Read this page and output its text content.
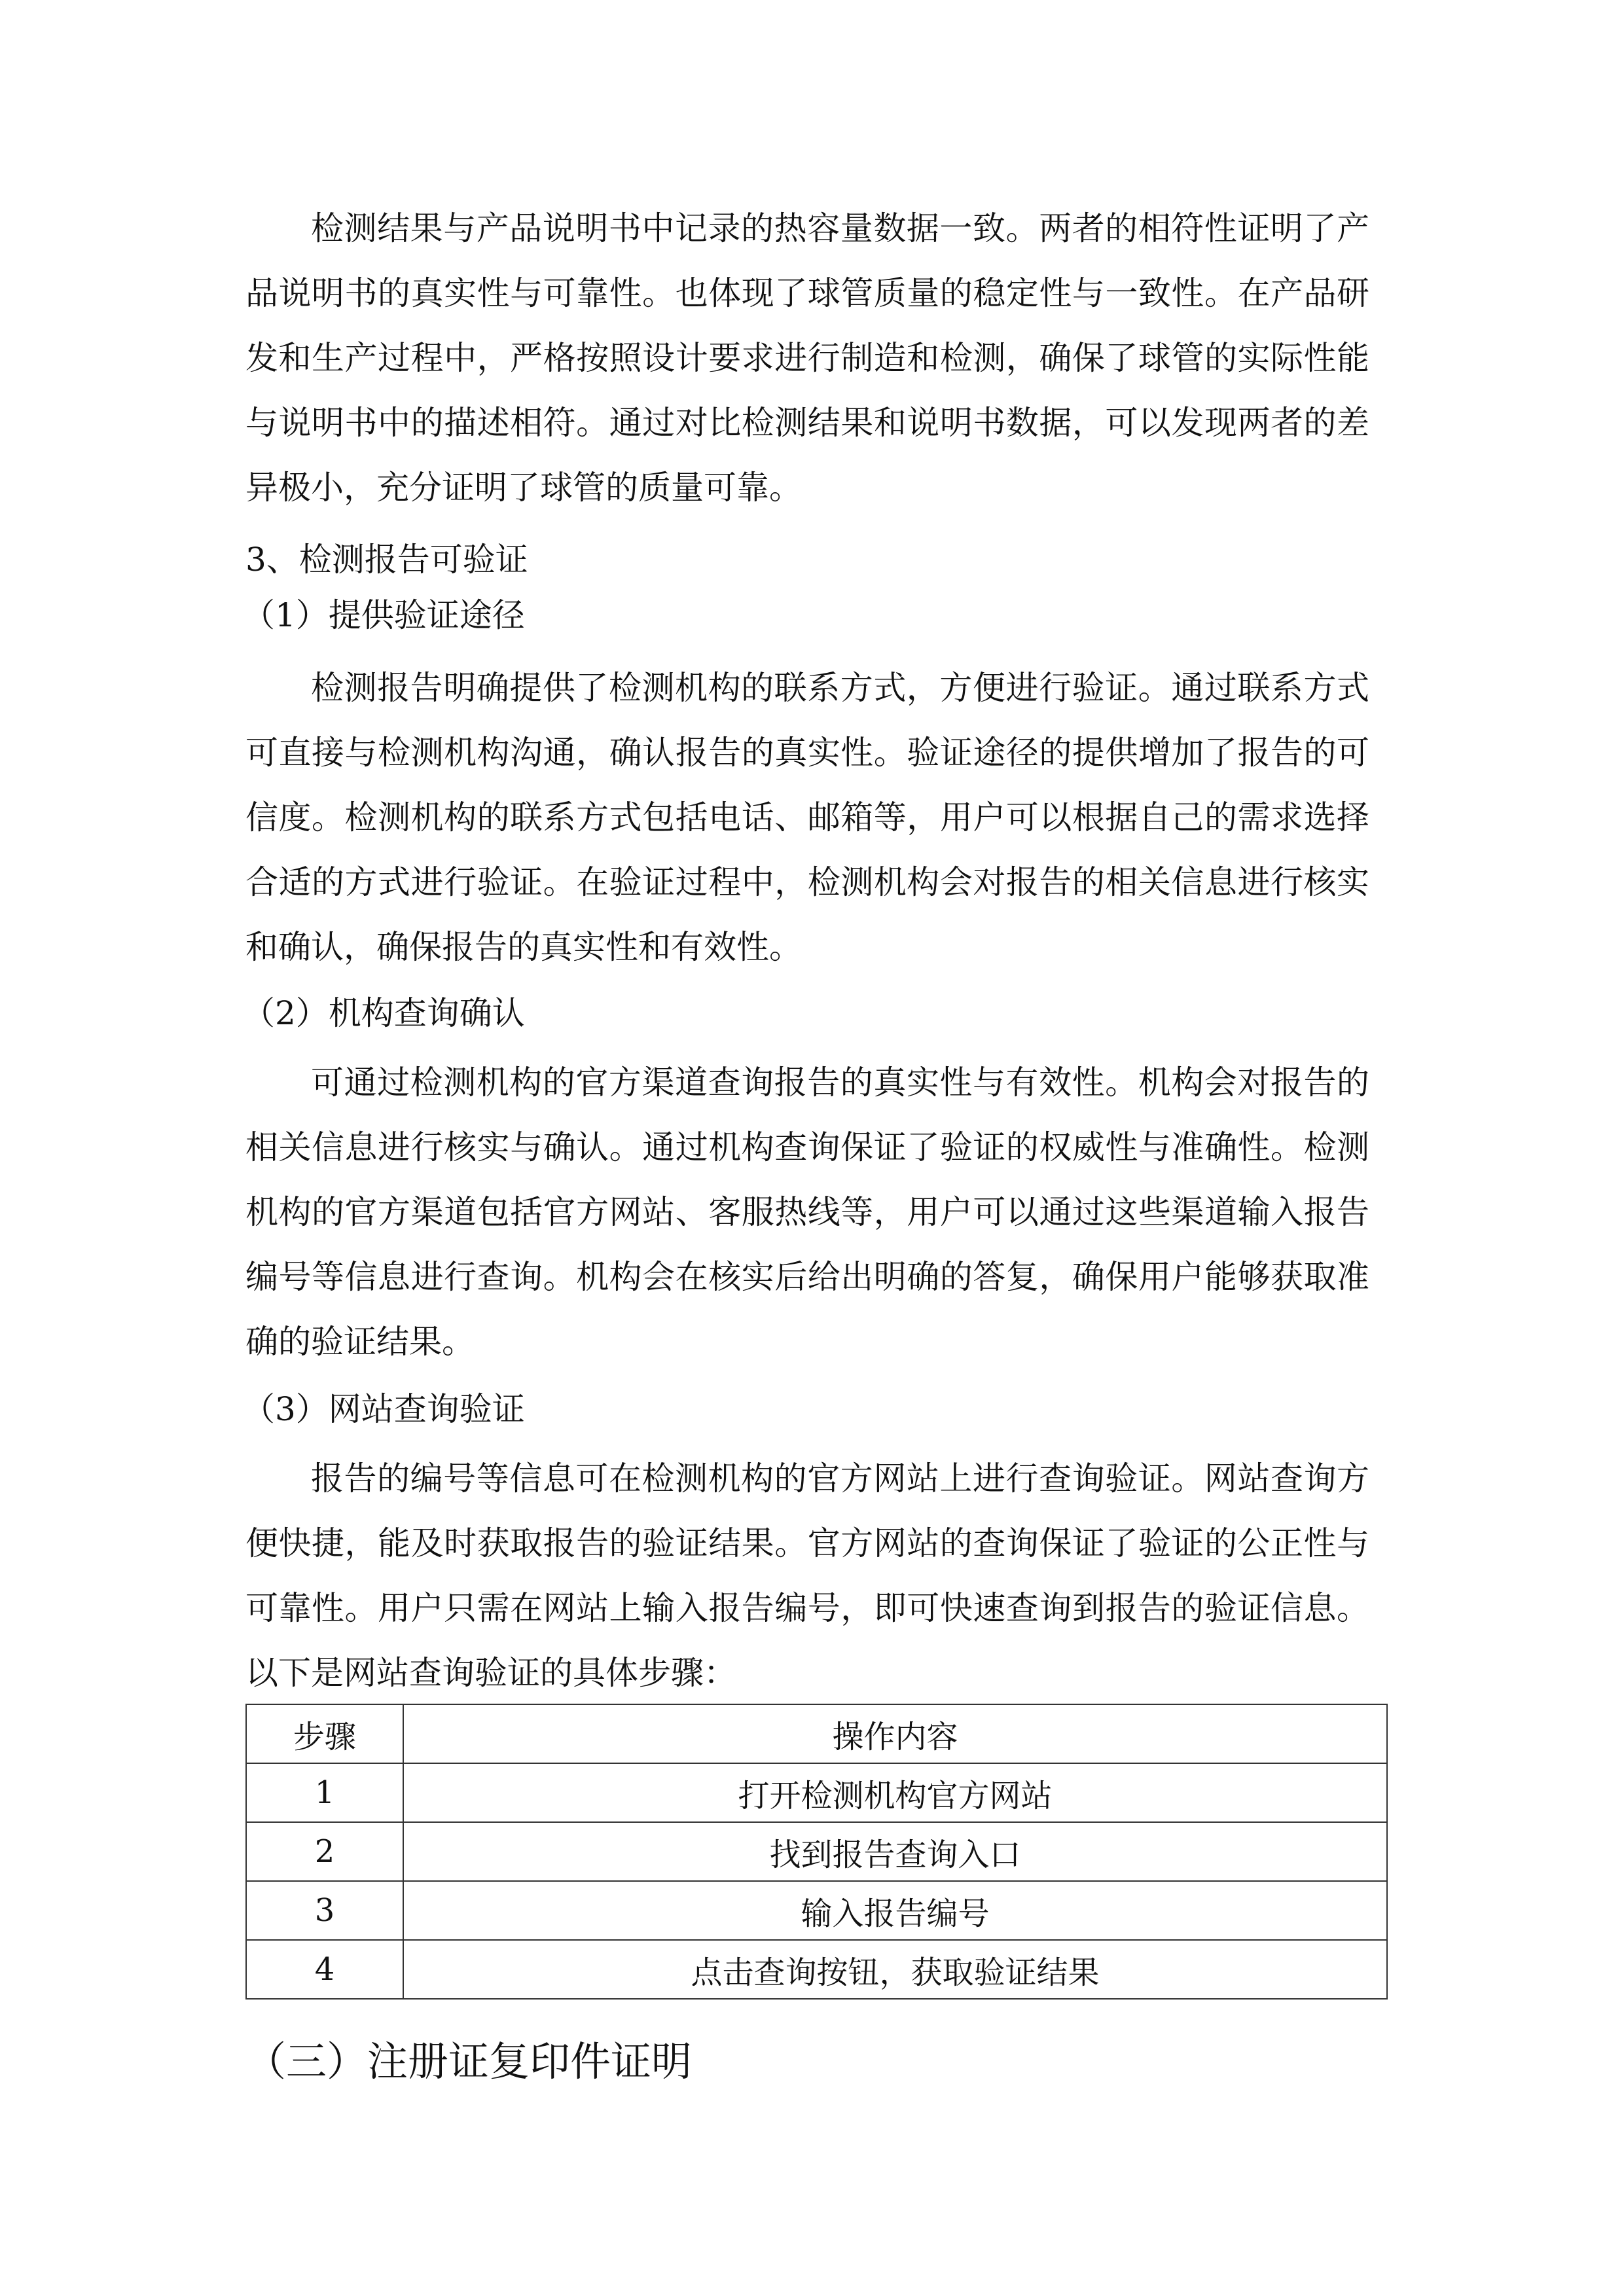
检测结果与产品说明书中记录的热容量数据一致。两者的相符性证明了产
品说明书的真实性与可靠性。也体现了球管质量的稳定性与一致性。在产品研
发和生产过程中，严格按照设计要求进行制造和检测，确保了球管的实际性能
与说明书中的描述相符。通过对比检测结果和说明书数据，可以发现两者的差
异极小，充分证明了球管的质量可靠。
3、检测报告可验证
（1）提供验证途径
检测报告明确提供了检测机构的联系方式，方便进行验证。通过联系方式
可直接与检测机构沟通，确认报告的真实性。验证途径的提供增加了报告的可
信度。检测机构的联系方式包括电话、邮箱等，用户可以根据自己的需求选择
合适的方式进行验证。在验证过程中，检测机构会对报告的相关信息进行核实
和确认，确保报告的真实性和有效性。
（2）机构查询确认
可通过检测机构的官方渠道查询报告的真实性与有效性。机构会对报告的
相关信息进行核实与确认。通过机构查询保证了验证的权威性与准确性。检测
机构的官方渠道包括官方网站、客服热线等，用户可以通过这些渠道输入报告
编号等信息进行查询。机构会在核实后给出明确的答复，确保用户能够获取准
确的验证结果。
（3）网站查询验证
报告的编号等信息可在检测机构的官方网站上进行查询验证。网站查询方
便快捷，能及时获取报告的验证结果。官方网站的查询保证了验证的公正性与
可靠性。用户只需在网站上输入报告编号，即可快速查询到报告的验证信息。
以下是网站查询验证的具体步骤：
步骤	操作内容
1	打开检测机构官方网站
2	找到报告查询入口
3	输入报告编号
4	点击查询按钮，获取验证结果
（三）注册证复印件证明
